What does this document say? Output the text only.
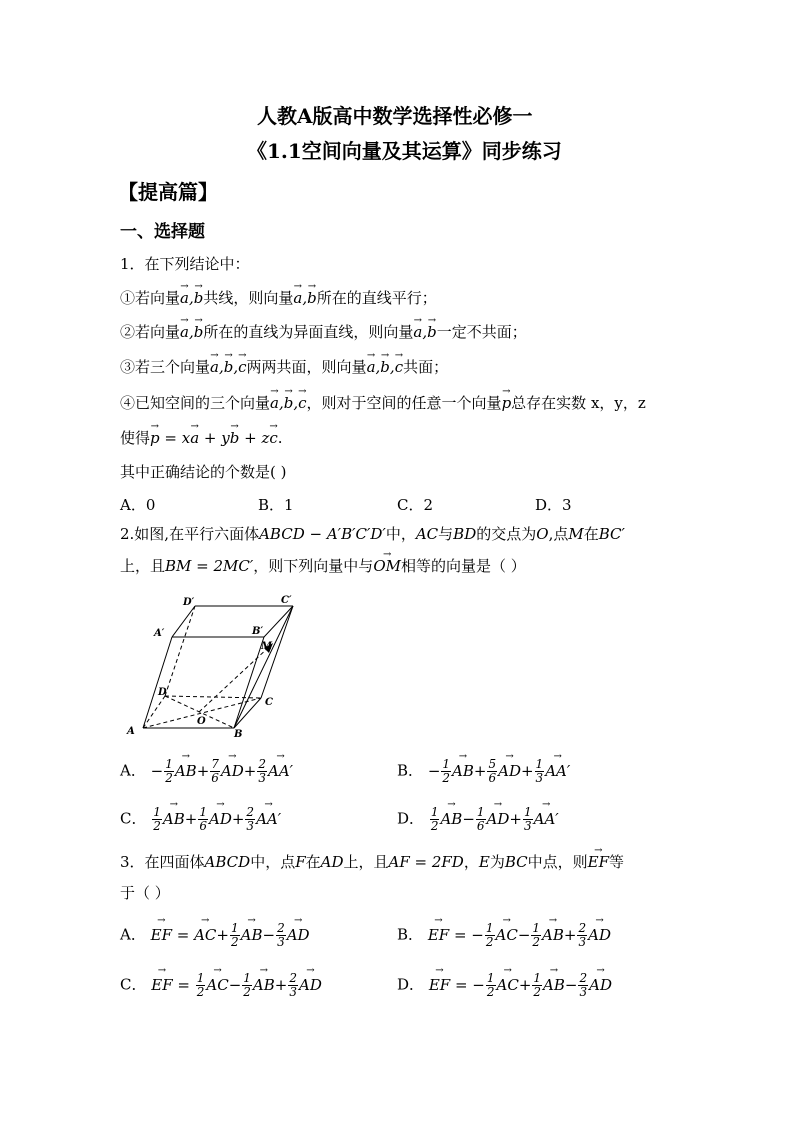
人教A版高中数学选择性必修一
《1.1空间向量及其运算》同步练习
【提高篇】
一、选择题
1．在下列结论中：
①若向量→ a,→ b共线，则向量→ a,→ b所在的直线平行；
②若向量→ a,→ b所在的直线为异面直线，则向量→ a,→ b一定不共面；
③若三个向量→ a,→ b,→ c两两共面，则向量→ a,→ b,→ c共面；
④已知空间的三个向量→ a,→ b,→ c，则对于空间的任意一个向量→ p总存在实数 x，y，z
使得→ p = x→ a + y→ b + z→ c.
其中正确结论的个数是( )
A．0	B．1	C．2	D．3
2.如图,在平行六面体ABCD − A′B′C′D′中，AC与BD的交点为O,点M在BC′
上，且BM = 2MC′，则下列向量中与→ OM相等的向量是（ ）
D′	C′
A′	B′
M
D
C
A
O
B
A． − $\frac{1}{2}$
→ $AB+ \frac{7}{6}$
→ $AD+ \frac{2}{3}$
→ AA′	B． − $\frac{1}{2}$
→ $AB+ \frac{5}{6}$
→ $AD+ \frac{1}{3}$
→ AA′
C． $\frac{1}{2}$
→ $AB+ \frac{1}{6}$
→ $AD+ \frac{2}{3}$
→ AA′	D． $\frac{1}{2}$
→ $AB- \frac{1}{6}$
→ $AD+ \frac{1}{3}$
→ AA′
3．在四面体ABCD中，点F在AD上，且AF = 2FD，E为BC中点，则→ EF等
于（ ）
A． → EF = → $AC+ \frac{1}{2}$
→ $AB- \frac{2}{3}$
→ AD	B． → EF = − $\frac{1}{2}$
→ $AC- \frac{1}{2}$
→ $AB+ \frac{2}{3}$
→ AD
C． → EF = $\frac{1}{2}$
→ $AC- \frac{1}{2}$
→ $AB+ \frac{2}{3}$
→ AD	D． → EF = − $\frac{1}{2}$
→ $AC+ \frac{1}{2}$
→ $AB- \frac{2}{3}$
→ AD
